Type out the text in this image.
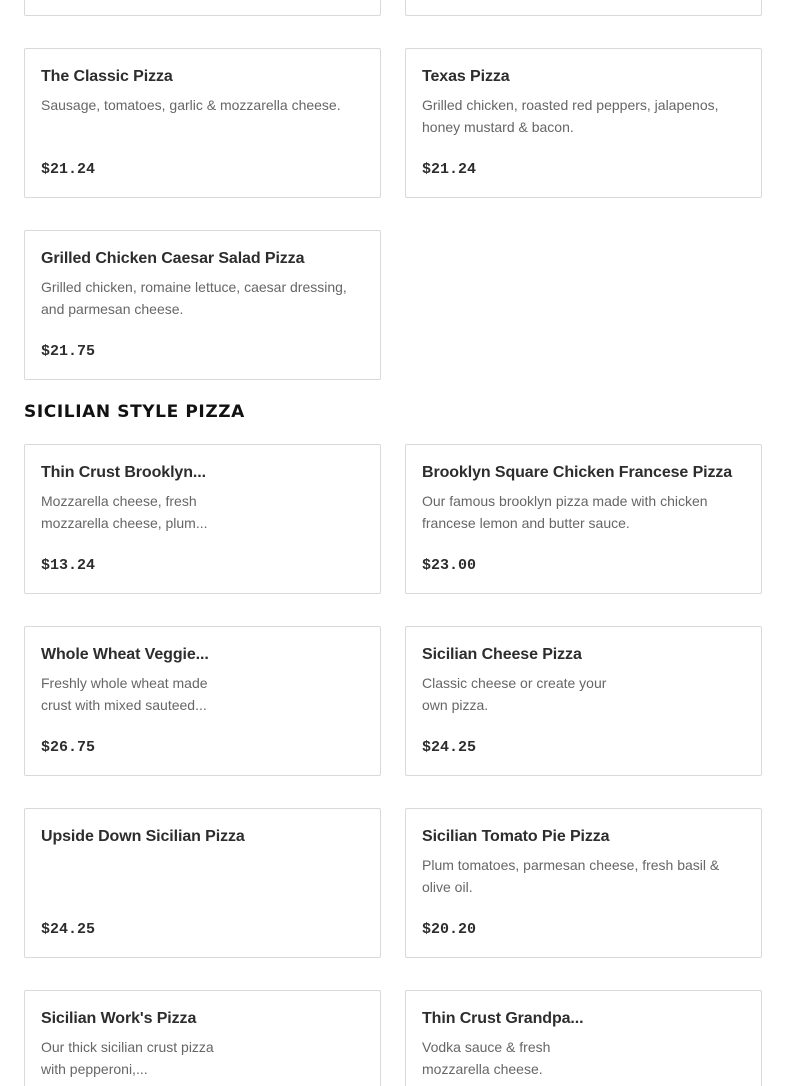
The Classic Pizza
Sausage, tomatoes, garlic & mozzarella cheese.
$21.24
Texas Pizza
Grilled chicken, roasted red peppers, jalapenos, honey mustard & bacon.
$21.24
Grilled Chicken Caesar Salad Pizza
Grilled chicken, romaine lettuce, caesar dressing, and parmesan cheese.
$21.75
SICILIAN STYLE PIZZA
Thin Crust Brooklyn...
Mozzarella cheese, fresh mozzarella cheese, plum...
$13.24
Brooklyn Square Chicken Francese Pizza
Our famous brooklyn pizza made with chicken francese lemon and butter sauce.
$23.00
Whole Wheat Veggie...
Freshly whole wheat made crust with mixed sauteed...
$26.75
Sicilian Cheese Pizza
Classic cheese or create your own pizza.
$24.25
Upside Down Sicilian Pizza
$24.25
Sicilian Tomato Pie Pizza
Plum tomatoes, parmesan cheese, fresh basil & olive oil.
$20.20
Sicilian Work's Pizza
Our thick sicilian crust pizza with pepperoni,...
Thin Crust Grandpa...
Vodka sauce & fresh mozzarella cheese.
